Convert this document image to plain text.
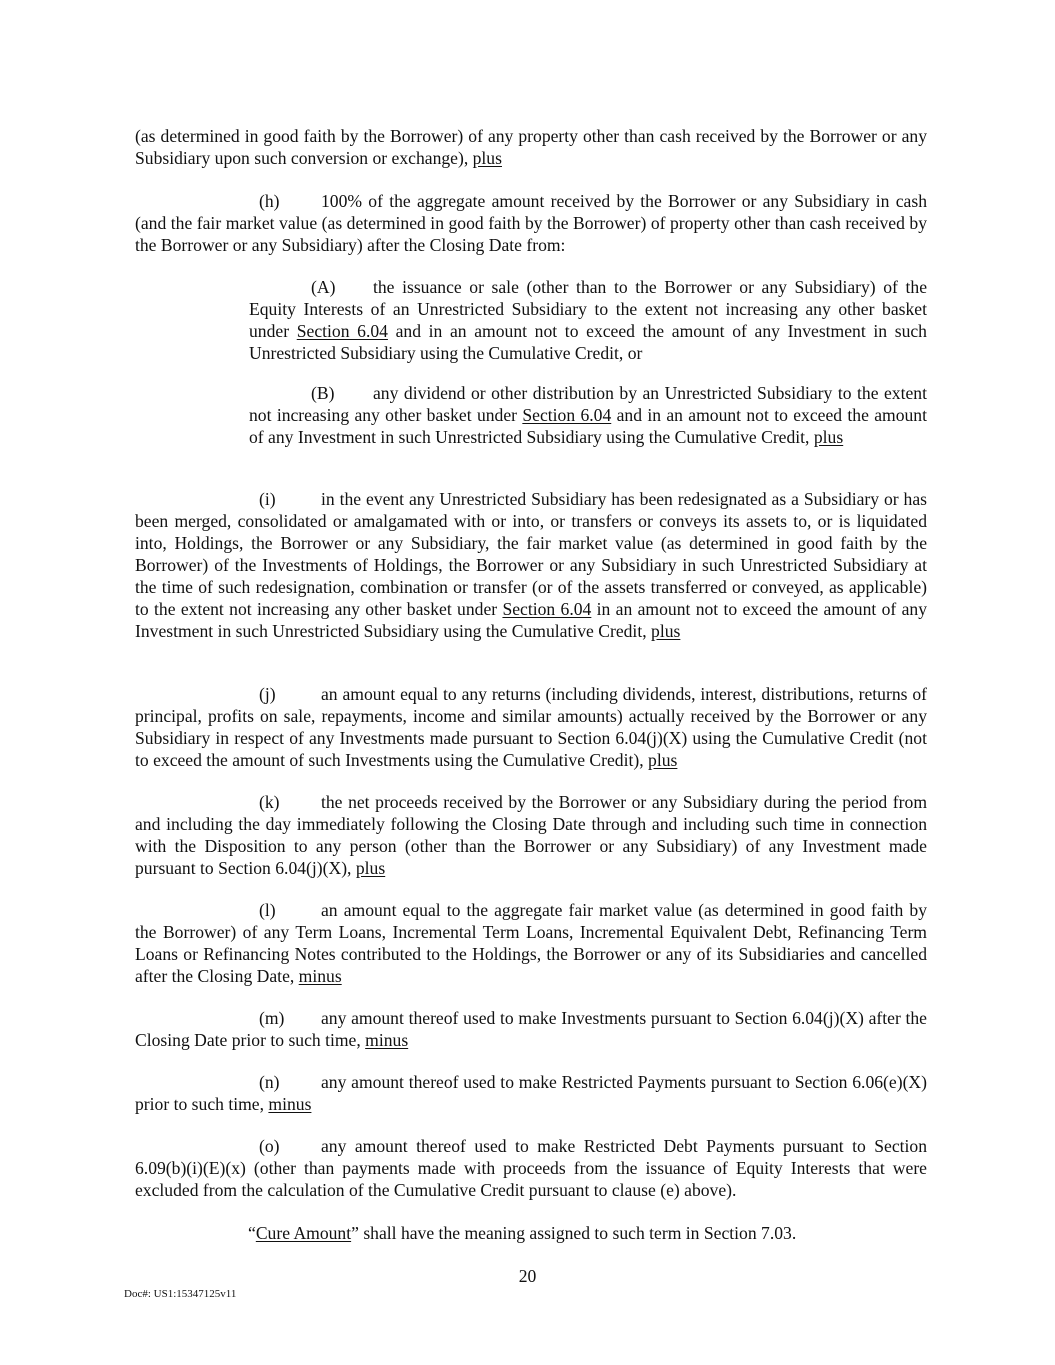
(as determined in good faith by the Borrower) of any property other than cash received by the Borrower or any Subsidiary upon such conversion or exchange), plus

(h) 100% of the aggregate amount received by the Borrower or any Subsidiary in cash (and the fair market value (as determined in good faith by the Borrower) of property other than cash received by the Borrower or any Subsidiary) after the Closing Date from:

(A) the issuance or sale (other than to the Borrower or any Subsidiary) of the Equity Interests of an Unrestricted Subsidiary to the extent not increasing any other basket under Section 6.04 and in an amount not to exceed the amount of any Investment in such Unrestricted Subsidiary using the Cumulative Credit, or

(B) any dividend or other distribution by an Unrestricted Subsidiary to the extent not increasing any other basket under Section 6.04 and in an amount not to exceed the amount of any Investment in such Unrestricted Subsidiary using the Cumulative Credit, plus

(i)	in the event any Unrestricted Subsidiary has been redesignated as a Subsidiary or has been merged, consolidated or amalgamated with or into, or transfers or conveys its assets to, or is liquidated into, Holdings, the Borrower or any Subsidiary, the fair market value (as determined in good faith by the Borrower) of the Investments of Holdings, the Borrower or any Subsidiary in such Unrestricted Subsidiary at the time of such redesignation, combination or transfer (or of the assets transferred or conveyed, as applicable) to the extent not increasing any other basket under Section 6.04 in an amount not to exceed the amount of any Investment in such Unrestricted Subsidiary using the Cumulative Credit, plus

(j)	an amount equal to any returns (including dividends, interest, distributions, returns of principal, profits on sale, repayments, income and similar amounts) actually received by the Borrower or any Subsidiary in respect of any Investments made pursuant to Section 6.04(j)(X) using the Cumulative Credit (not to exceed the amount of such Investments using the Cumulative Credit), plus

(k) the net proceeds received by the Borrower or any Subsidiary during the period from and including the day immediately following the Closing Date through and including such time in connection with the Disposition to any person (other than the Borrower or any Subsidiary) of any Investment made pursuant to Section 6.04(j)(X), plus

(l)	an amount equal to the aggregate fair market value (as determined in good faith by the Borrower) of any Term Loans, Incremental Term Loans, Incremental Equivalent Debt, Refinancing Term Loans or Refinancing Notes contributed to the Holdings, the Borrower or any of its Subsidiaries and cancelled after the Closing Date, minus

(m) any amount thereof used to make Investments pursuant to Section 6.04(j)(X) after the Closing Date prior to such time, minus

(n) any amount thereof used to make Restricted Payments pursuant to Section 6.06(e)(X) prior to such time, minus

(o) any amount thereof used to make Restricted Debt Payments pursuant to Section 6.09(b)(i)(E)(x) (other than payments made with proceeds from the issuance of Equity Interests that were excluded from the calculation of the Cumulative Credit pursuant to clause (e) above).

“Cure Amount” shall have the meaning assigned to such term in Section 7.03.
20
Doc#: US1:15347125v11
